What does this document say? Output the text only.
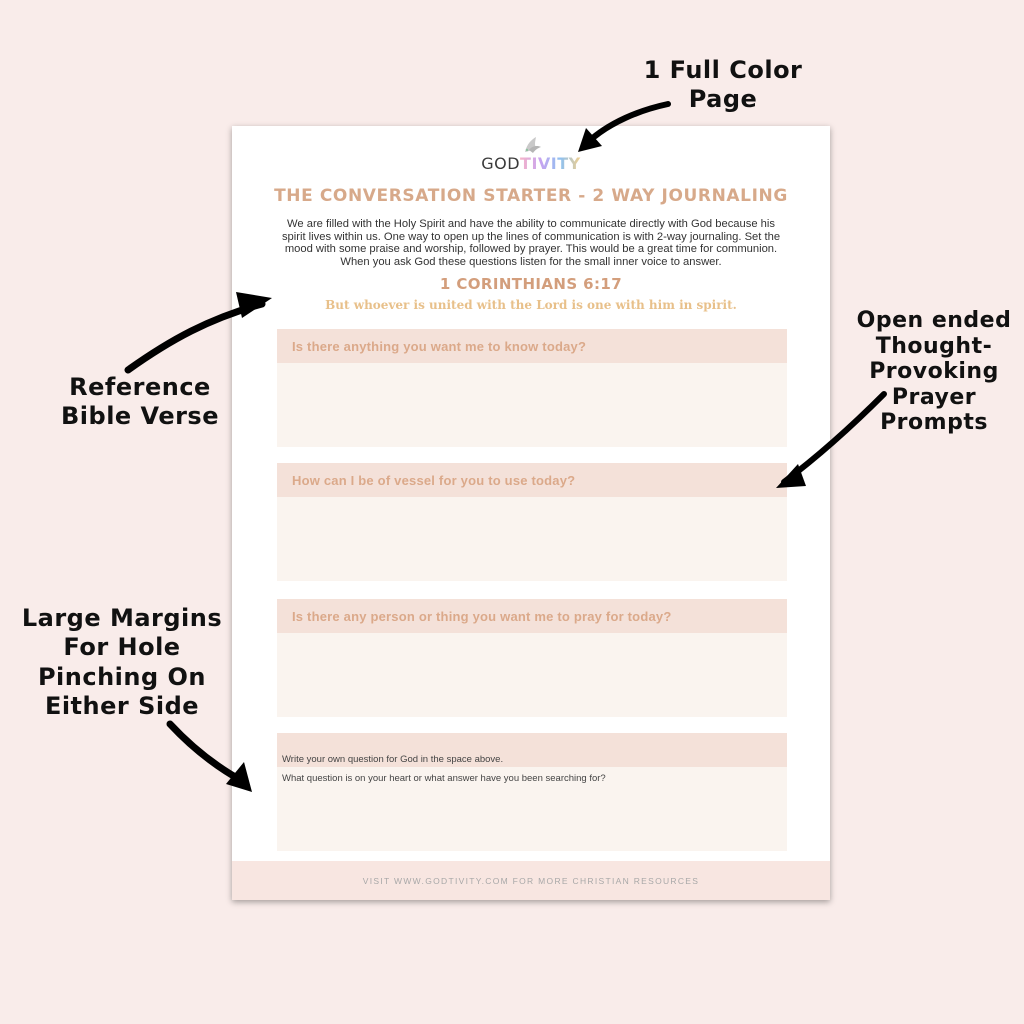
1 Full Color
Page
Reference
Bible Verse
Open ended
Thought-
Provoking
Prayer
Prompts
Large Margins
For Hole
Pinching On
Either Side
GODTIVITY
THE CONVERSATION STARTER - 2 WAY JOURNALING
We are filled with the Holy Spirit and have the ability to communicate directly with God because his spirit lives within us. One way to open up the lines of communication is with 2-way journaling. Set the mood with some praise and worship, followed by prayer. This would be a great time for communion. When you ask God these questions listen for the small inner voice to answer.
1 CORINTHIANS 6:17
But whoever is united with the Lord is one with him in spirit.
Is there anything you want me to know today?
How can I be of vessel for you to use today?
Is there any person or thing you want me to pray for today?
Write your own question for God in the space above.
What question is on your heart or what answer have you been searching for?
VISIT WWW.GODTIVITY.COM FOR MORE CHRISTIAN RESOURCES
